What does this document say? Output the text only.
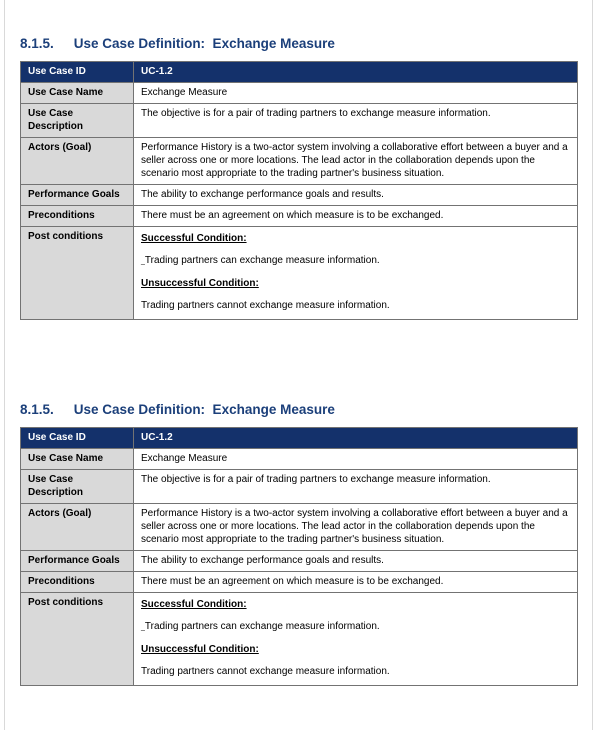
8.1.5. Use Case Definition:  Exchange Measure
Use Case ID	UC-1.2
Use Case Name	Exchange Measure
Use Case Description	The objective is for a pair of trading partners to exchange measure information.
Actors (Goal)	Performance History is a two-actor system involving a collaborative effort between a buyer and a seller across one or more locations. The lead actor in the collaboration depends upon the scenario most appropriate to the trading partner's business situation.
Performance Goals	The ability to exchange performance goals and results.
Preconditions	There must be an agreement on which measure is to be exchanged.
Post conditions	Successful Condition:

_Trading partners can exchange measure information.

Unsuccessful Condition:

Trading partners cannot exchange measure information.

8.1.5. Use Case Definition:  Exchange Measure
Use Case ID	UC-1.2
Use Case Name	Exchange Measure
Use Case Description	The objective is for a pair of trading partners to exchange measure information.
Actors (Goal)	Performance History is a two-actor system involving a collaborative effort between a buyer and a seller across one or more locations. The lead actor in the collaboration depends upon the scenario most appropriate to the trading partner's business situation.
Performance Goals	The ability to exchange performance goals and results.
Preconditions	There must be an agreement on which measure is to be exchanged.
Post conditions	Successful Condition:

_Trading partners can exchange measure information.

Unsuccessful Condition:

Trading partners cannot exchange measure information.
